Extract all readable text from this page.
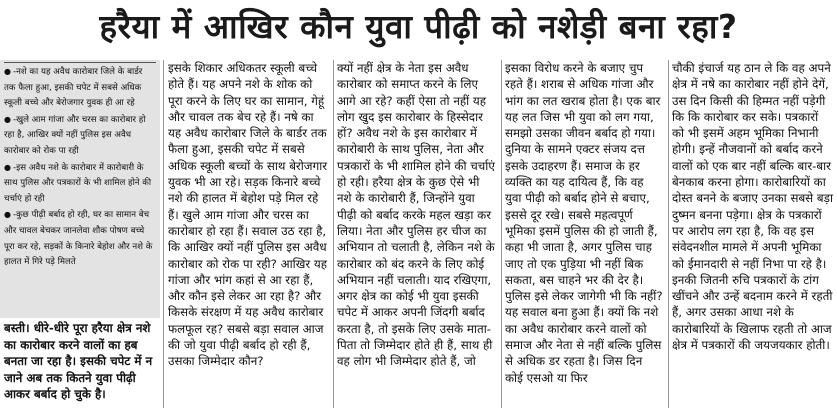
हरैया में आखिर कौन युवा पीढ़ी को नशेड़ी बना रहा?

● -नशे का यह अवैध कारोबार जिले के बार्डर तक फैला हुआ, इसकी चपेट में सबसे अधिक स्कूली बच्चे और बेरोजगार युवक ही आ रहे

● -खुले आम गांजा और चरस का कारोबार हो रहा है, आखिर क्यों नहीं पुलिस इस अवैध कारोबार को रोक पा रही

● -इस अवैध नशे के कारोबार में कारोबारी के साथ पुलिस और पत्रकारों के भी शामिल होने की चर्चाएं हो रही

● -कुछ पीढ़ी बर्बाद हो रही, घर का सामान बेच और चावल बेचकर जानलेवा शौक पोषण बच्चे पूरा कर रहे, सड़कों के किनारे बेहोश और नशे के हालत में गिरे पड़े मिलते

बस्ती। धीरे-धीरे पूरा हरैया क्षेत्र नशे का कारोबार करने वालों का हब बनता जा रहा है। इसकी चपेट में न जाने अब तक कितने युवा पीढ़ी आकर बर्बाद हो चुके है।

इसके शिकार अधिकतर स्कूली बच्चे होते हैं। यह अपने नशे के शोक को पूरा करने के लिए घर का सामान, गेहूं और चावल तक बेच रहे हैं। नषे का यह अवैध कारोबार जिले के बार्डर तक फैला हुआ, इसकी चपेट में सबसे अधिक स्कूली बच्चों के साथ बेरोजगार युवक भी आ रहे। सड़क किनारे बच्चे नशे की हालत में बेहोश पड़े मिल रहे हैं। खुले आम गांजा और चरस का कारोबार हो रहा हैं। सवाल उठ रहा है, कि आखिर क्यों नहीं पुलिस इस अवैध कारोबार को रोक पा रही? आखिर यह गांजा और भांग कहां से आ रहा हैं, और कौन इसे लेकर आ रहा है? और किसके संरक्षण में यह अवैध कारोबार फलफूल रह? सबसे बड़ा सवाल आज की जो युवा पीढ़ी बर्बाद हो रही हैं, उसका जिम्मेदार कौन?

क्यों नहीं क्षेत्र के नेता इस अवैध कारोबार को समाप्त करने के लिए आगे आ रहे? कहीं ऐसा तो नहीं यह लोग खुद इस कारोबार के हिस्सेदार हों? अवैध नशे के इस कारोबार में कारोबारी के साथ पुलिस, नेता और पत्रकारों के भी शामिल होने की चर्चाएं हो रही। हरैया क्षेत्र के कुछ ऐसे भी नशे के कारोबारी हैं, जिन्होंने युवा पीढ़ी को बर्बाद करके महल खड़ा कर लिया। नेता और पुलिस हर चीज का अभियान तो चलाती है, लेकिन नशे के कारोबार को बंद करने के लिए कोई अभियान नहीं चलाती। याद रखिएगा, अगर क्षेत्र का कोई भी युवा इसकी चपेट में आकर अपनी जिंदगी बर्बाद करता है, तो इसके लिए उसके माता-पिता तो जिम्मेदार होते ही हैं, साथ ही वह लोग भी जिम्मेदार होते हैं, जो

इसका विरोध करने के बजाए चुप रहते हैं। शराब से अधिक गांजा और भांग का लत खराब होता है। एक बार यह लत जिस भी युवा को लग गया, समझो उसका जीवन बर्बाद हो गया। दुनिया के सामने एक्टर संजय दत्त इसके उदाहरण हैं। समाज के हर व्यक्ति का यह दायित्व हैं, कि वह युवा पीढ़ी को बर्बाद होने से बचाए, इससे दूर रखे। सबसे महत्वपूर्ण भूमिका इसमें पुलिस की हो जाती हैं, कहा भी जाता है, अगर पुलिस चाह जाए तो एक पुड़िया भी नहीं बिक सकता, बस चाहने भर की देर है। पुलिस इसे लेकर जागेगी भी कि नहीं? यह सवाल बना हुआ हैं। क्यों कि नशे का अवैध कारोबार करने वालों को समाज और नेता से नहीं बल्कि पुलिस से अधिक डर रहता है। जिस दिन कोई एसओ या फिर

चौकी इंचार्ज यह ठान ले कि वह अपने क्षेत्र में नषे का कारोबार नहीं होने देगें, उस दिन किसी की हिम्मत नहीं पड़ेगी कि कि कारोबार कर सके। पत्रकारों को भी इसमें अहम भूमिका निभानी होगी। इन्हें नौजवानों को बर्बाद करने वालों को एक बार नहीं बल्कि बार-बार बेनकाब करना होगा। कारोबारियों का दोस्त बनने के बजाए उनका सबसे बड़ा दुष्मन बनना पड़ेगा। क्षेत्र के पत्रकारों पर आरोप लग रहा है, कि वह इस संवेदनशील मामले में अपनी भूमिका को ईमानदारी से नहीं निभा पा रहे है। इनकी जितनी रुचि पत्रकारों के टांग खींचने और उन्हें बदनाम करने में रहती हैं, अगर उसका आधा नशे के कारोबारियों के खिलाफ रहती तो आज क्षेत्र में पत्रकारों की जयजयकार होती।
